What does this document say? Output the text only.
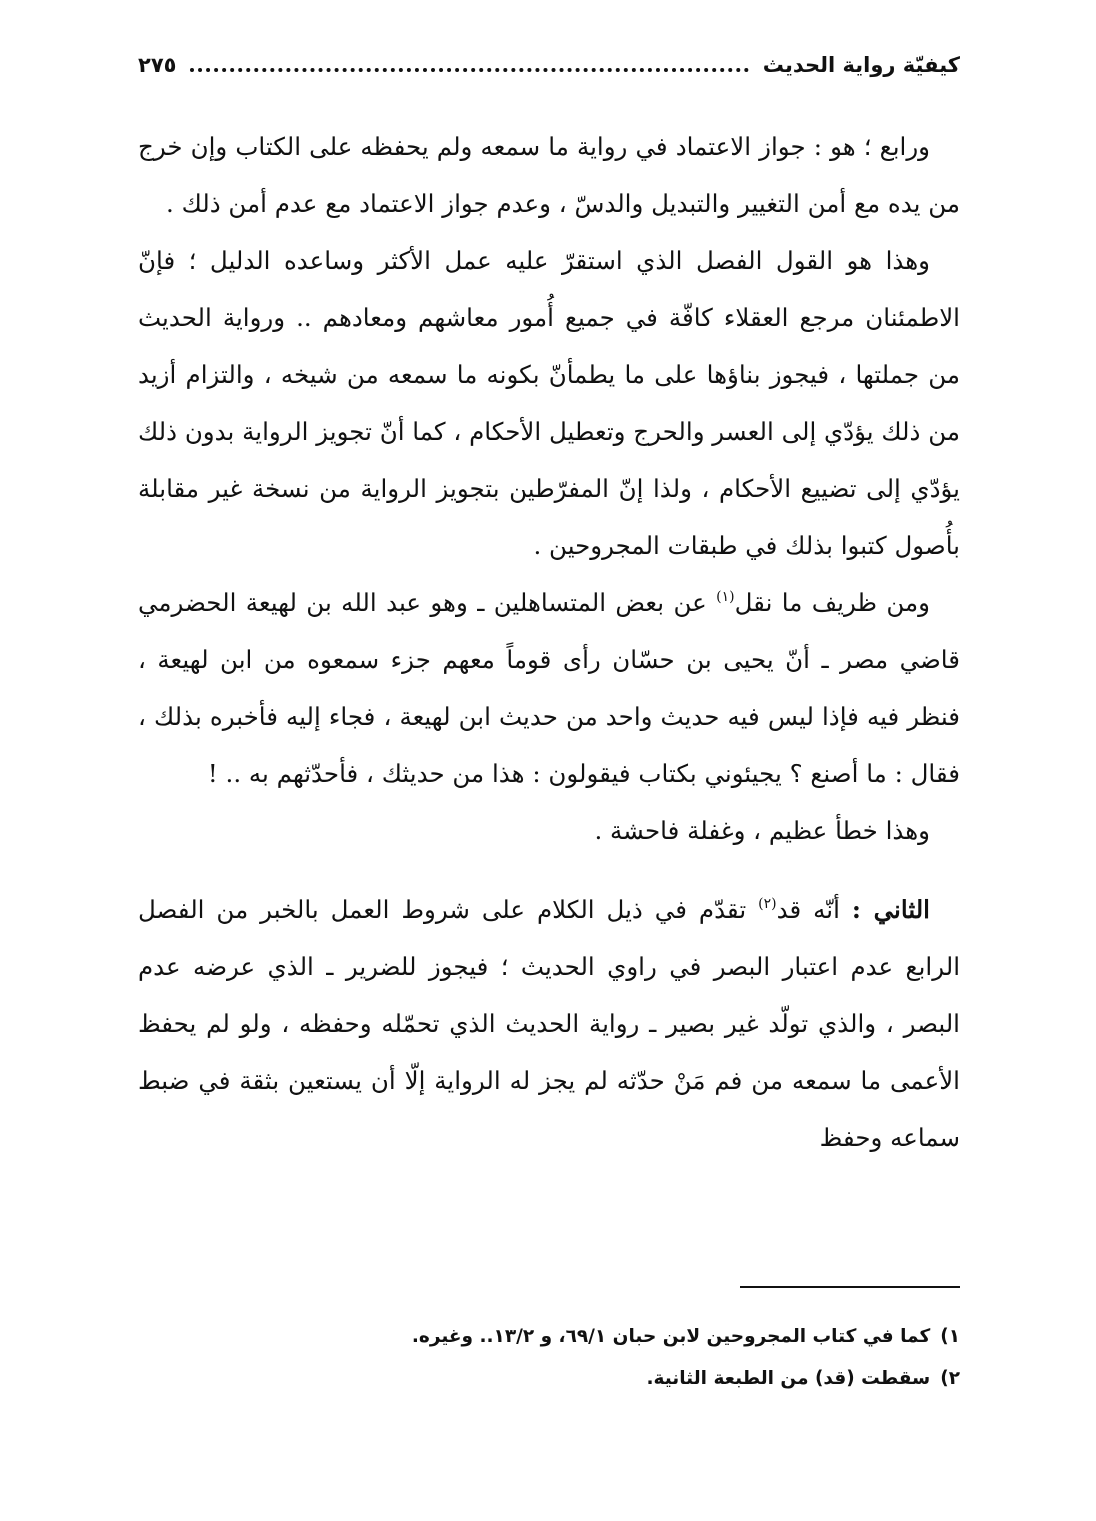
كيفيّة رواية الحديث
٢٧٥

ورابع ؛ هو : جواز الاعتماد في رواية ما سمعه ولم يحفظه على الكتاب وإن خرج من يده مع أمن التغيير والتبديل والدسّ ، وعدم جواز الاعتماد مع عدم أمن ذلك .

وهذا هو القول الفصل الذي استقرّ عليه عمل الأكثر وساعده الدليل ؛ فإنّ الاطمئنان مرجع العقلاء كافّة في جميع أُمور معاشهم ومعادهم .. ورواية الحديث من جملتها ، فيجوز بناؤها على ما يطمأنّ بكونه ما سمعه من شيخه ، والتزام أزيد من ذلك يؤدّي إلى العسر والحرج وتعطيل الأحكام ، كما أنّ تجويز الرواية بدون ذلك يؤدّي إلى تضييع الأحكام ، ولذا إنّ المفرّطين بتجويز الرواية من نسخة غير مقابلة بأُصول كتبوا بذلك في طبقات المجروحين .

ومن ظريف ما نقل$^{(١)}$ عن بعض المتساهلين ـ وهو عبد الله بن لهيعة الحضرمي قاضي مصر ـ أنّ يحيى بن حسّان رأى قوماً معهم جزء سمعوه من ابن لهيعة ، فنظر فيه فإذا ليس فيه حديث واحد من حديث ابن لهيعة ، فجاء إليه فأخبره بذلك ، فقال : ما أصنع ؟ يجيئوني بكتاب فيقولون : هذا من حديثك ، فأحدّثهم به .. !

وهذا خطأ عظيم ، وغفلة فاحشة .

الثاني : أنّه قد$^{(٢)}$ تقدّم في ذيل الكلام على شروط العمل بالخبر من الفصل الرابع عدم اعتبار البصر في راوي الحديث ؛ فيجوز للضرير ـ الذي عرضه عدم البصر ، والذي تولّد غير بصير ـ رواية الحديث الذي تحمّله وحفظه ، ولو لم يحفظ الأعمى ما سمعه من فم مَنْ حدّثه لم يجز له الرواية إلّا أن يستعين بثقة في ضبط سماعه وحفظ

١)كما في كتاب المجروحين لابن حبان ٦٩/١، و ١٣/٢.. وغيره.

٢)سقطت (قد) من الطبعة الثانية.
